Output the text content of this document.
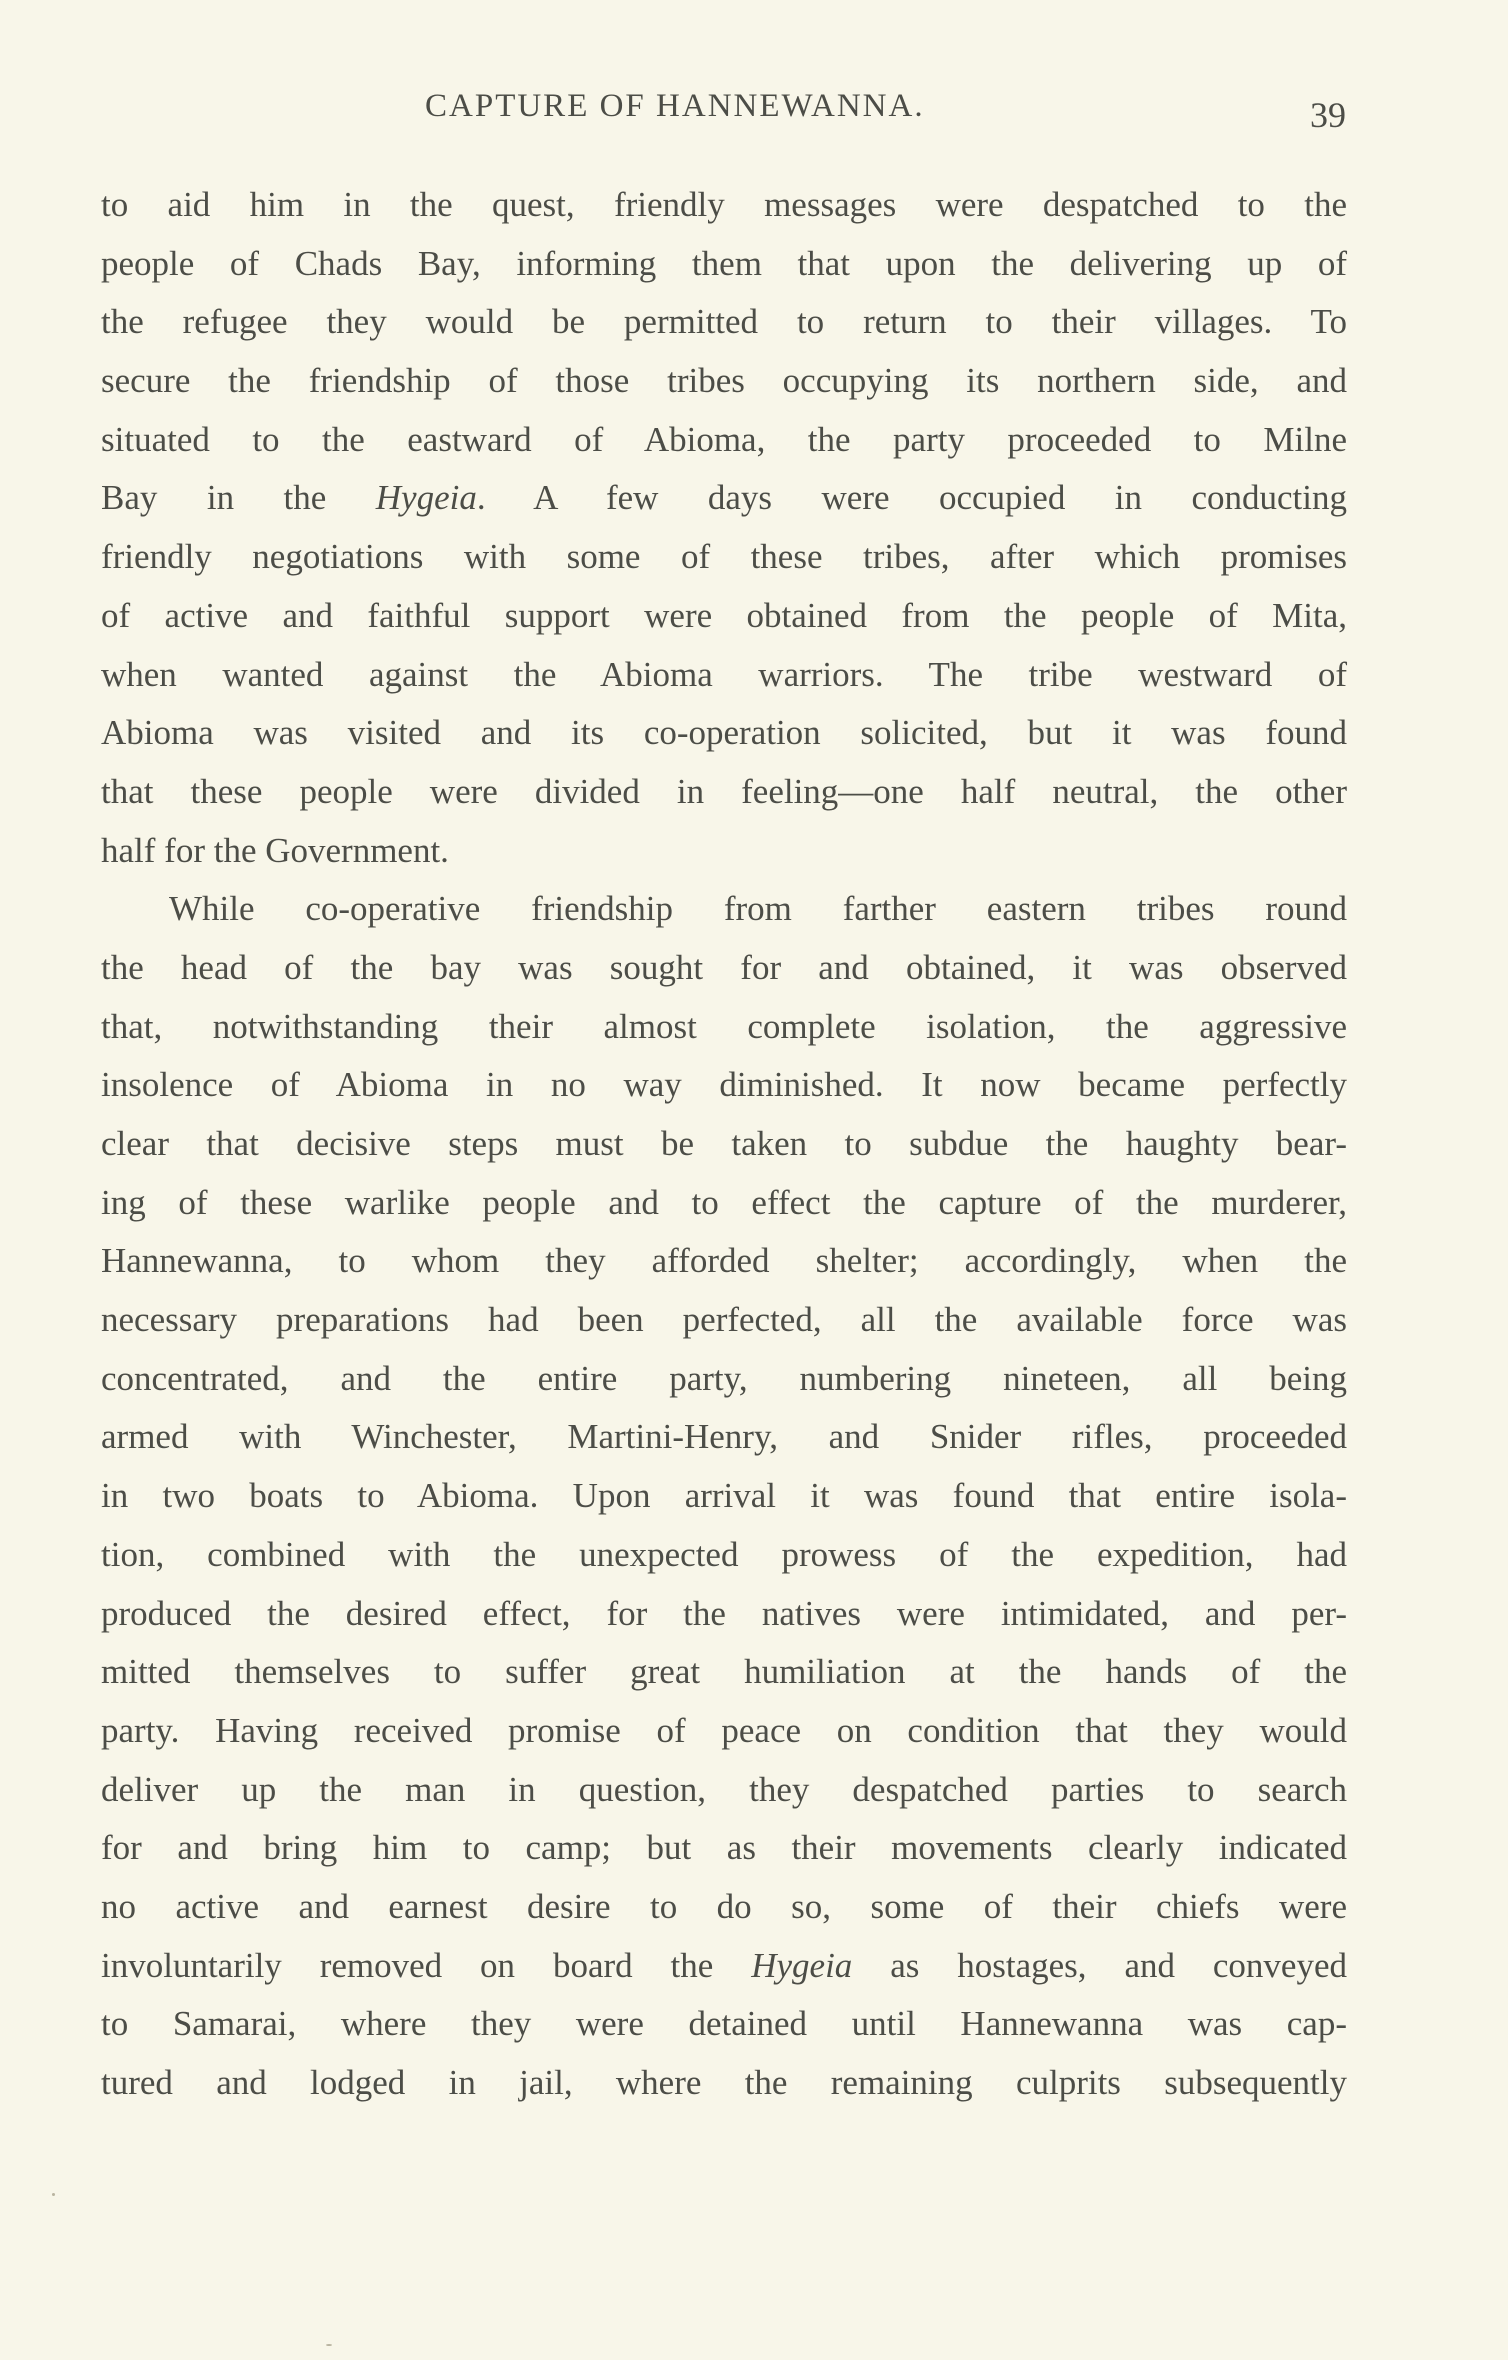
CAPTURE OF HANNEWANNA.	39
to aid him in the quest, friendly messages were despatched to the
people of Chads Bay, informing them that upon the delivering up of
the refugee they would be permitted to return to their villages. To
secure the friendship of those tribes occupying its northern side, and
situated to the eastward of Abioma, the party proceeded to Milne
Bay in the Hygeia. A few days were occupied in conducting
friendly negotiations with some of these tribes, after which promises
of active and faithful support were obtained from the people of Mita,
when wanted against the Abioma warriors. The tribe westward of
Abioma was visited and its co-operation solicited, but it was found
that these people were divided in feeling—one half neutral, the other
half for the Government.
While co-operative friendship from farther eastern tribes round
the head of the bay was sought for and obtained, it was observed
that, notwithstanding their almost complete isolation, the aggressive
insolence of Abioma in no way diminished. It now became perfectly
clear that decisive steps must be taken to subdue the haughty bear-
ing of these warlike people and to effect the capture of the murderer,
Hannewanna, to whom they afforded shelter; accordingly, when the
necessary preparations had been perfected, all the available force was
concentrated, and the entire party, numbering nineteen, all being
armed with Winchester, Martini-Henry, and Snider rifles, proceeded
in two boats to Abioma. Upon arrival it was found that entire isola-
tion, combined with the unexpected prowess of the expedition, had
produced the desired effect, for the natives were intimidated, and per-
mitted themselves to suffer great humiliation at the hands of the
party. Having received promise of peace on condition that they would
deliver up the man in question, they despatched parties to search
for and bring him to camp; but as their movements clearly indicated
no active and earnest desire to do so, some of their chiefs were
involuntarily removed on board the Hygeia as hostages, and conveyed
to Samarai, where they were detained until Hannewanna was cap-
tured and lodged in jail, where the remaining culprits subsequently
